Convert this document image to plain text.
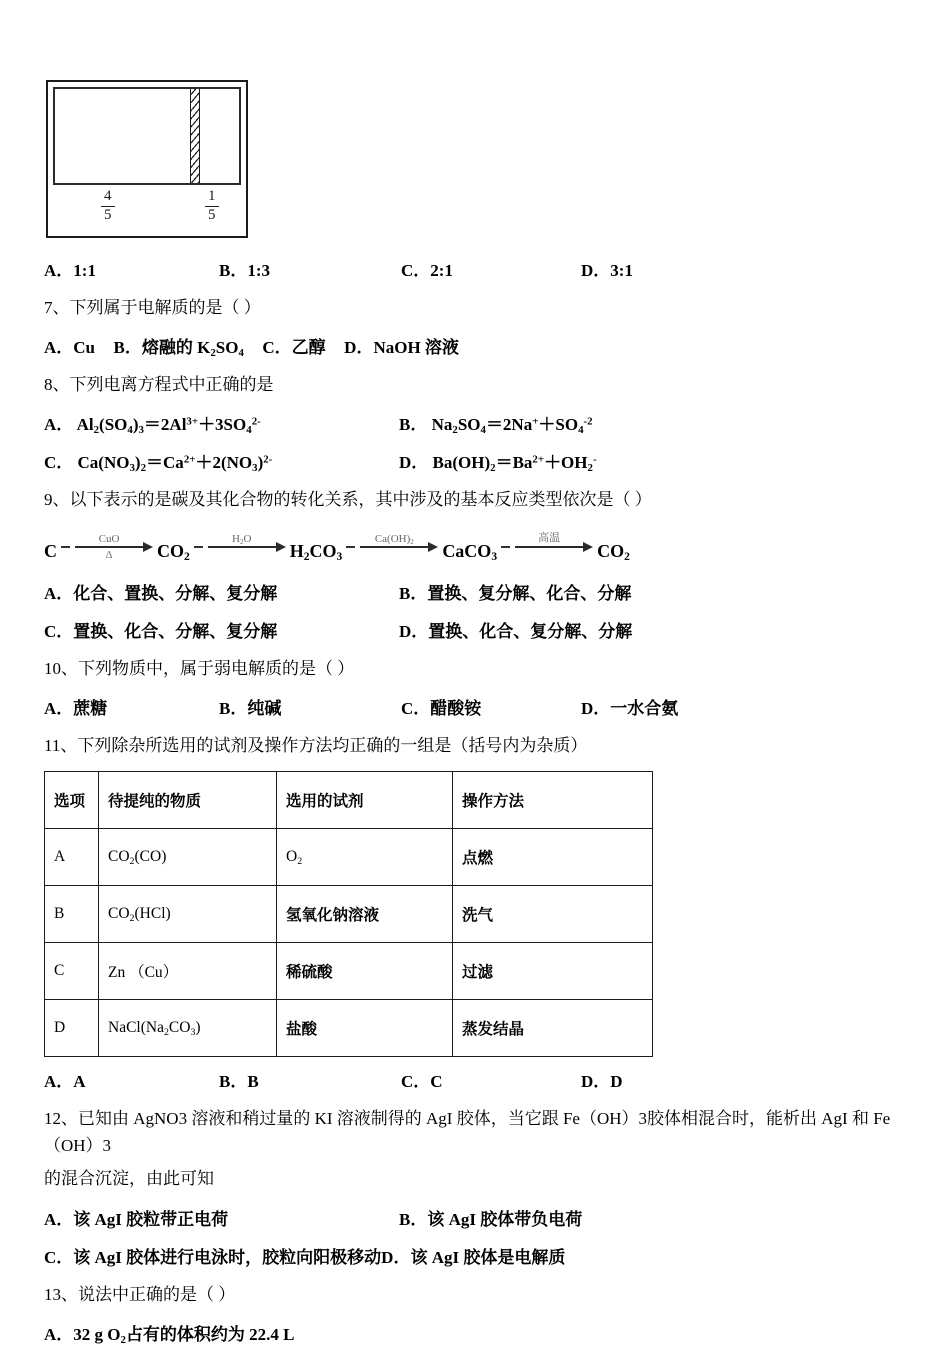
$\frac{4}{5}$	$\frac{1}{5}$
A．1:1	B．1:3	C．2:1	D．3:1
7、下列属于电解质的是（ ）
A．Cu B．熔融的 $K_2SO_4$ C．乙醇 D．NaOH 溶液
8、下列电离方程式中正确的是
A． $Al_2(SO_4)_3=2Al^{3+}+3SO_4^{2-}$	B． $Na_2SO_4=2Na^++SO_4^{-2}$
C． $Ca(NO_3)_2=Ca^{2+}+2(NO_3)^{2-}$	D． $Ba(OH)_2=Ba^{2+}+OH_2^-$
9、以下表示的是碳及其化合物的转化关系，其中涉及的基本反应类型依次是（ ）
C
CuO
Δ	$CO_2$
$H_2O$
$H_2CO_3$
$Ca(OH)_2$	CaCO$_3$
高温
$CO_2$
A．化合、置换、分解、复分解	B．置换、复分解、化合、分解
C．置换、化合、分解、复分解	D．置换、化合、复分解、分解
10、下列物质中，属于弱电解质的是（ ）
A．蔗糖	B．纯碱	C．醋酸铵	D．一水合氨
11、下列除杂所选用的试剂及操作方法均正确的一组是（括号内为杂质）
选项	待提纯的物质	选用的试剂	操作方法
A	$CO_2(CO)$	$O_2$	点燃
B	$CO_2(HCl)$	氢氧化钠溶液	洗气
C	Zn （Cu）	稀硫酸	过滤
D	$NaCl(Na_2CO_3)$	盐酸	蒸发结晶
A．A	B．B	C．C	D．D
12、已知由 AgNO3 溶液和稍过量的 KI 溶液制得的 AgI 胶体，当它跟 Fe（OH）3胶体相混合时，能析出 AgI 和 Fe（OH）3
的混合沉淀，由此可知
A．该 AgI 胶粒带正电荷	B．该 AgI 胶体带负电荷
C．该 AgI 胶体进行电泳时，胶粒向阳极移动D．该 AgI 胶体是电解质
13、说法中正确的是（ ）
A．32 g $O_2$占有的体积约为 22.4 L
